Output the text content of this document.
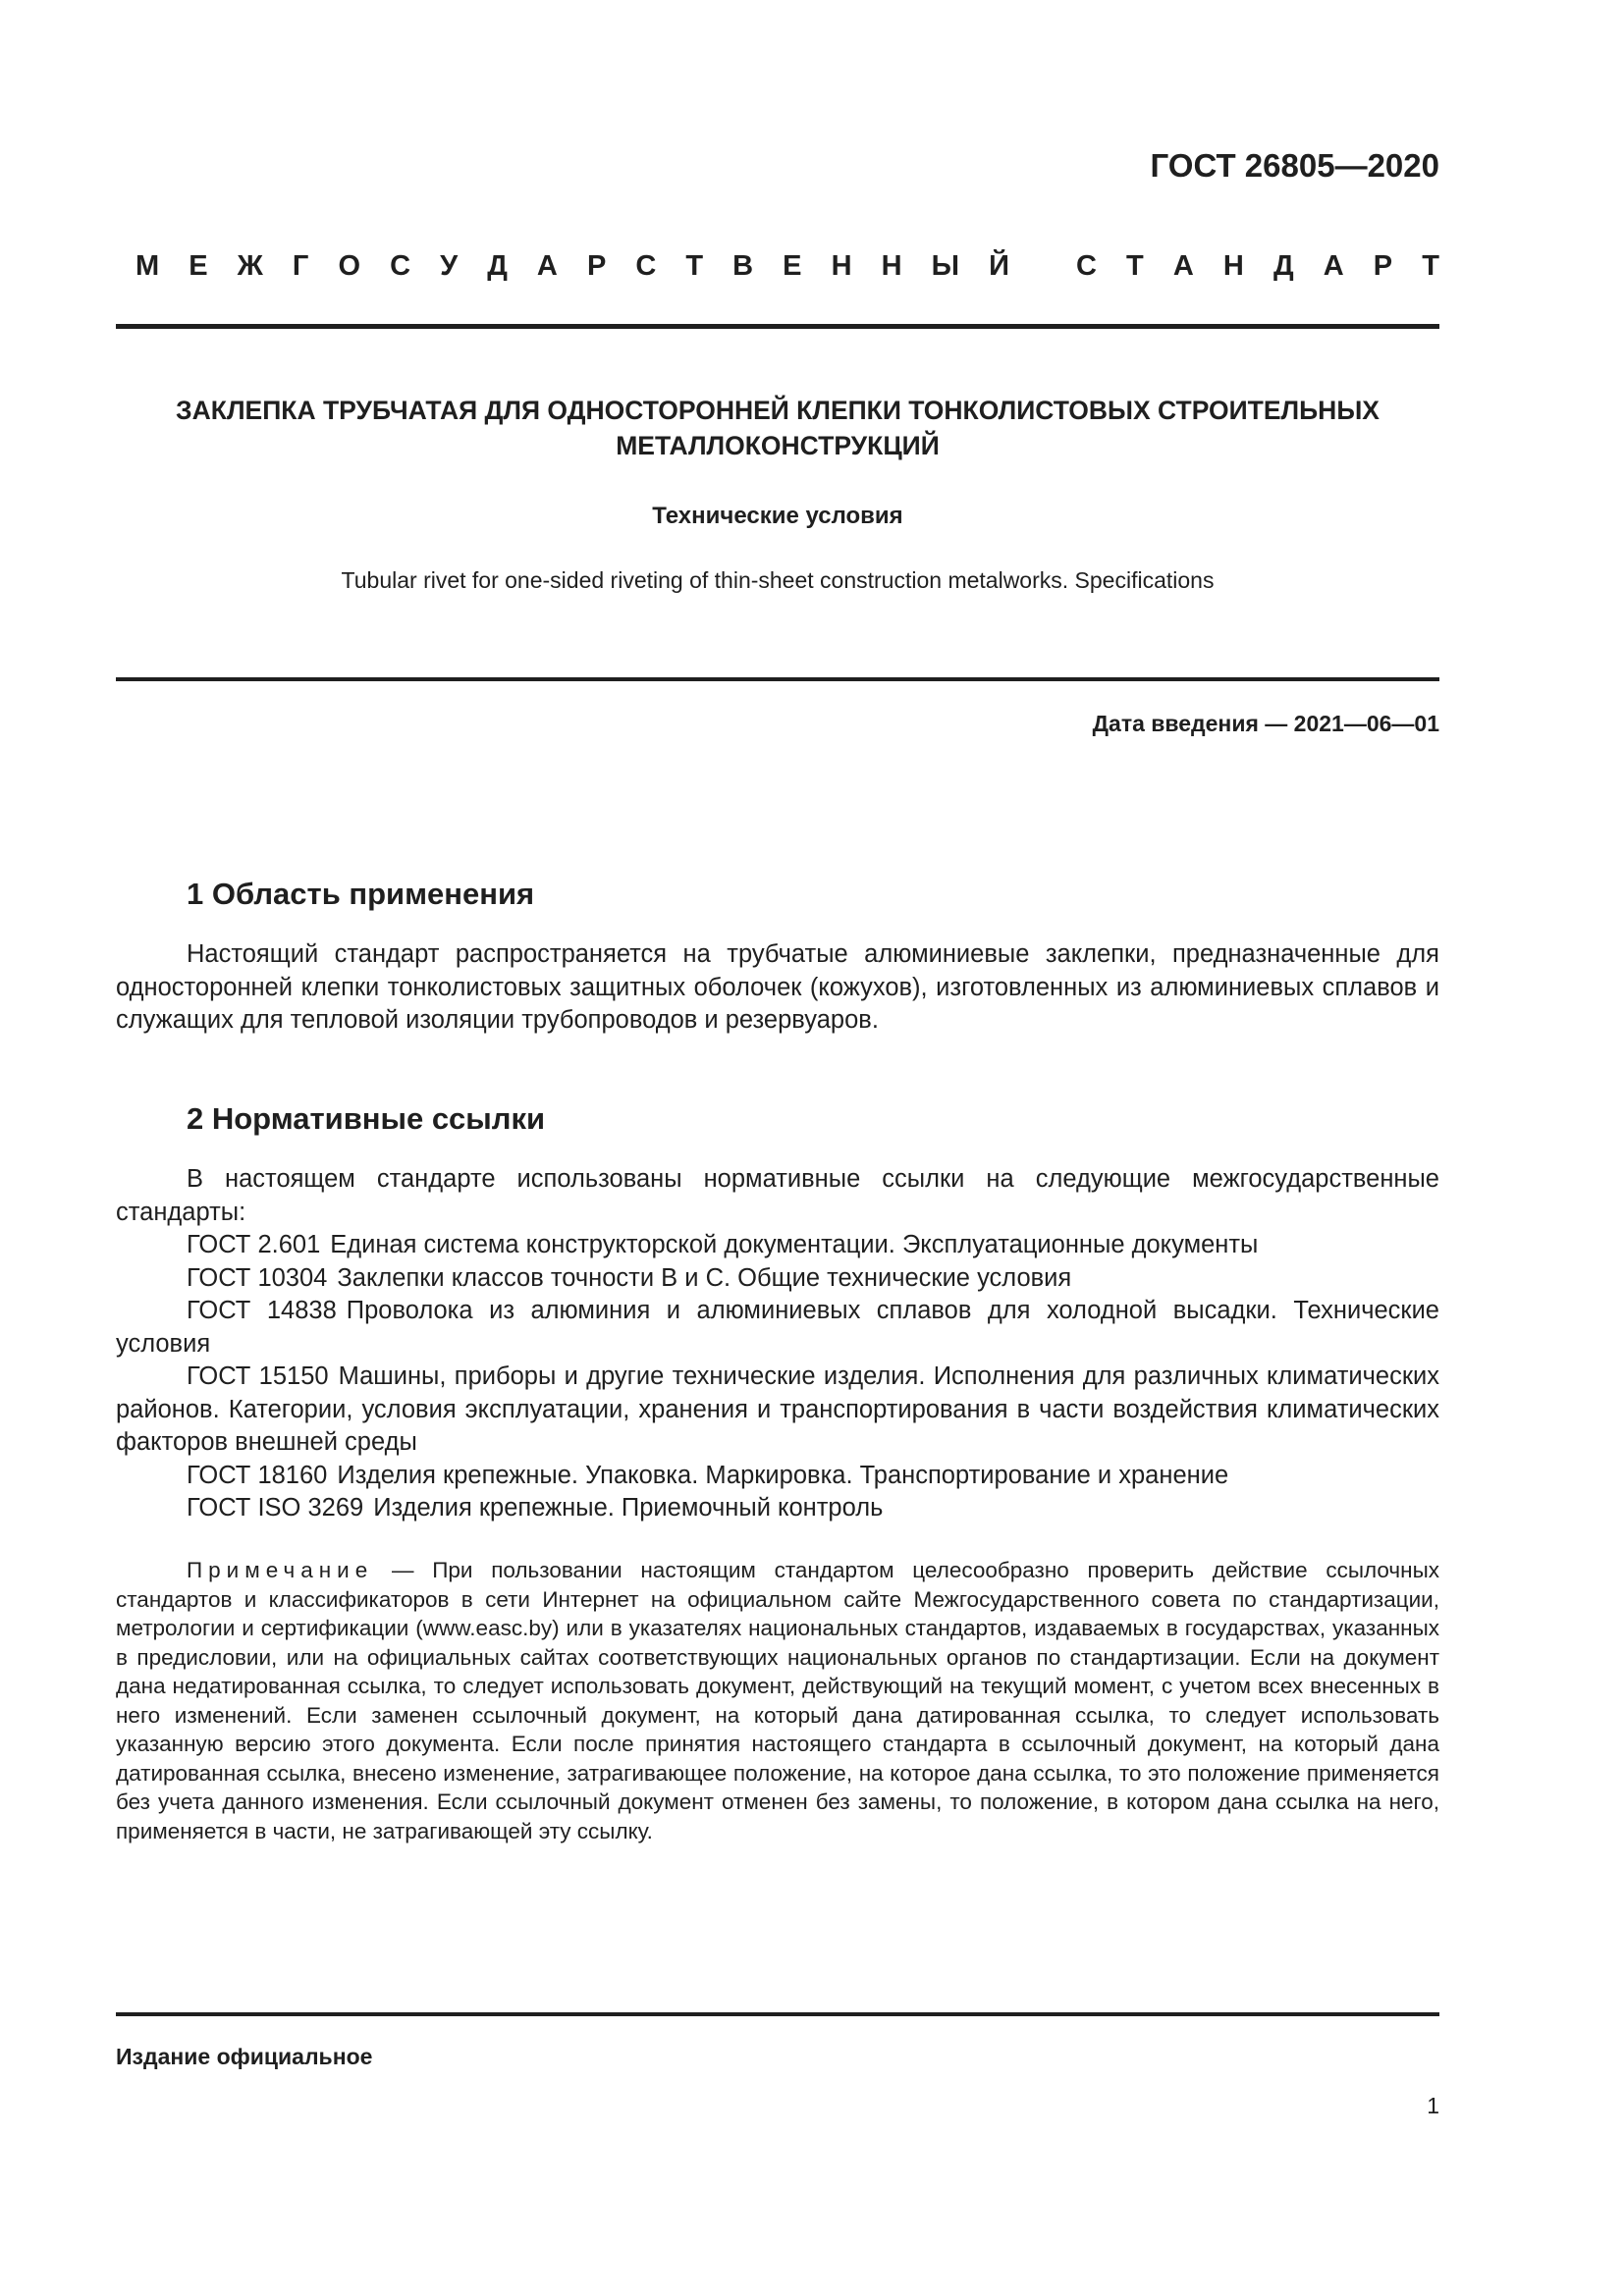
ГОСТ 26805—2020
М Е Ж Г О С У Д А Р С Т В Е Н Н Ы Й С Т А Н Д А Р Т
ЗАКЛЕПКА ТРУБЧАТАЯ ДЛЯ ОДНОСТОРОННЕЙ КЛЕПКИ ТОНКОЛИСТОВЫХ СТРОИТЕЛЬНЫХ
МЕТАЛЛОКОНСТРУКЦИЙ
Технические условия
Tubular rivet for one-sided riveting of thin-sheet construction metalworks. Specifications
Дата введения — 2021—06—01
1 Область применения

Настоящий стандарт распространяется на трубчатые алюминиевые заклепки, предназначенные для односторонней клепки тонколистовых защитных оболочек (кожухов), изготовленных из алюминиевых сплавов и служащих для тепловой изоляции трубопроводов и резервуаров.

2 Нормативные ссылки

В настоящем стандарте использованы нормативные ссылки на следующие межгосударственные стандарты:

ГОСТ 2.601 Единая система конструкторской документации. Эксплуатационные документы

ГОСТ 10304 Заклепки классов точности В и С. Общие технические условия

ГОСТ 14838 Проволока из алюминия и алюминиевых сплавов для холодной высадки. Технические условия

ГОСТ 15150 Машины, приборы и другие технические изделия. Исполнения для различных климатических районов. Категории, условия эксплуатации, хранения и транспортирования в части воздействия климатических факторов внешней среды

ГОСТ 18160 Изделия крепежные. Упаковка. Маркировка. Транспортирование и хранение

ГОСТ ISO 3269 Изделия крепежные. Приемочный контроль

Примечание — При пользовании настоящим стандартом целесообразно проверить действие ссылочных стандартов и классификаторов в сети Интернет на официальном сайте Межгосударственного совета по стандартизации, метрологии и сертификации (www.easc.by) или в указателях национальных стандартов, издаваемых в государствах, указанных в предисловии, или на официальных сайтах соответствующих национальных органов по стандартизации. Если на документ дана недатированная ссылка, то следует использовать документ, действующий на текущий момент, с учетом всех внесенных в него изменений. Если заменен ссылочный документ, на который дана датированная ссылка, то следует использовать указанную версию этого документа. Если после принятия настоящего стандарта в ссылочный документ, на который дана датированная ссылка, внесено изменение, затрагивающее положение, на которое дана ссылка, то это положение применяется без учета данного изменения. Если ссылочный документ отменен без замены, то положение, в котором дана ссылка на него, применяется в части, не затрагивающей эту ссылку.
Издание официальное
1
